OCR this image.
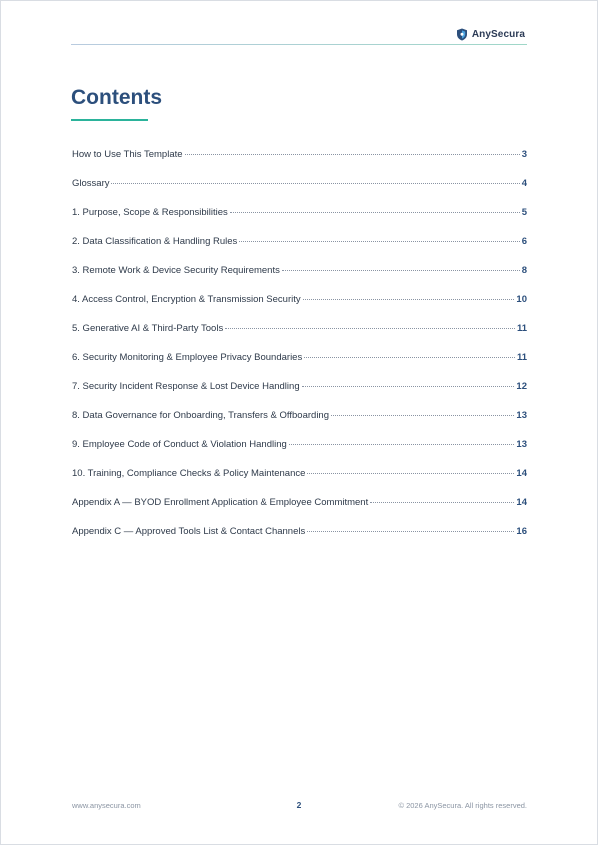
AnySecura
Contents
How to Use This Template	3
Glossary	4
1. Purpose, Scope & Responsibilities	5
2. Data Classification & Handling Rules	6
3. Remote Work & Device Security Requirements	8
4. Access Control, Encryption & Transmission Security	10
5. Generative AI & Third-Party Tools	11
6. Security Monitoring & Employee Privacy Boundaries	11
7. Security Incident Response & Lost Device Handling	12
8. Data Governance for Onboarding, Transfers & Offboarding	13
9. Employee Code of Conduct & Violation Handling	13
10. Training, Compliance Checks & Policy Maintenance	14
Appendix A — BYOD Enrollment Application & Employee Commitment	14
Appendix C — Approved Tools List & Contact Channels	16
www.anysecura.com	2	© 2026 AnySecura. All rights reserved.
